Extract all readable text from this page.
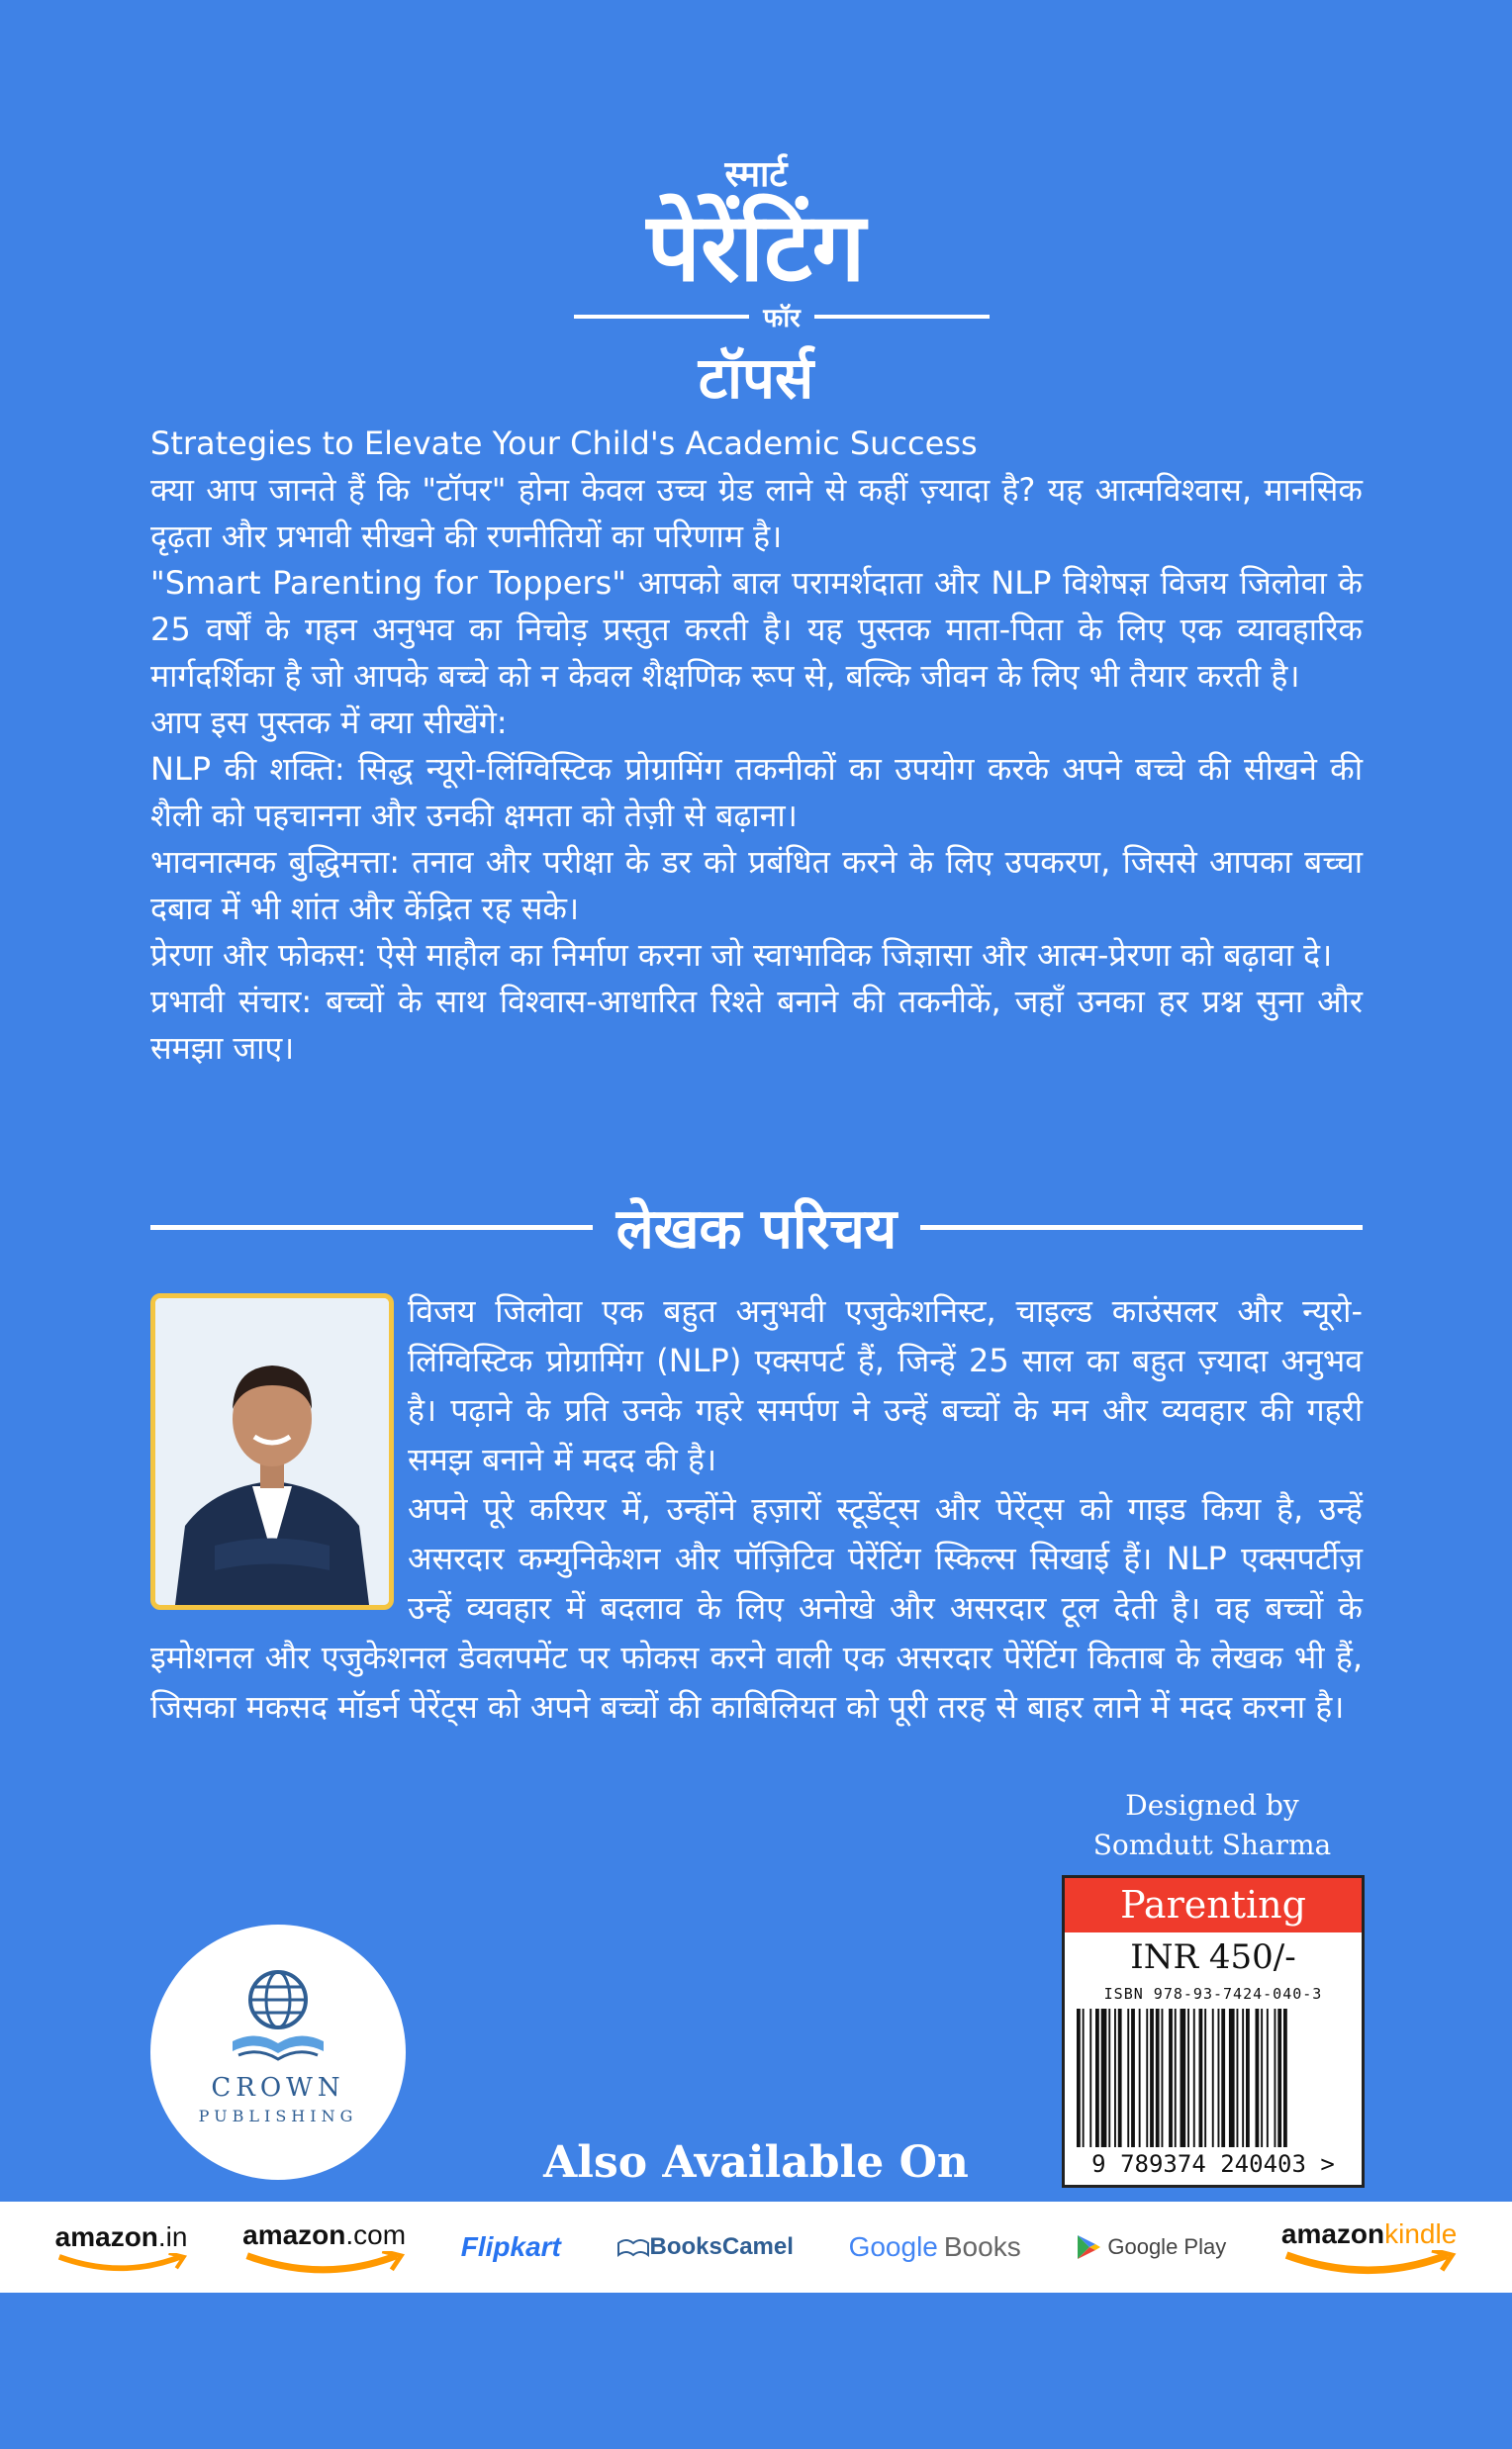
स्मार्ट
पेरेंटिंग
फॉर
टॉपर्स

Strategies to Elevate Your Child's Academic Success

क्या आप जानते हैं कि "टॉपर" होना केवल उच्च ग्रेड लाने से कहीं ज़्यादा है? यह आत्मविश्वास, मानसिक दृढ़ता और प्रभावी सीखने की रणनीतियों का परिणाम है।

"Smart Parenting for Toppers" आपको बाल परामर्शदाता और NLP विशेषज्ञ विजय जिलोवा के 25 वर्षों के गहन अनुभव का निचोड़ प्रस्तुत करती है। यह पुस्तक माता-पिता के लिए एक व्यावहारिक मार्गदर्शिका है जो आपके बच्चे को न केवल शैक्षणिक रूप से, बल्कि जीवन के लिए भी तैयार करती है।

आप इस पुस्तक में क्या सीखेंगे:

NLP की शक्ति: सिद्ध न्यूरो-लिंग्विस्टिक प्रोग्रामिंग तकनीकों का उपयोग करके अपने बच्चे की सीखने की शैली को पहचानना और उनकी क्षमता को तेज़ी से बढ़ाना।

भावनात्मक बुद्धिमत्ता: तनाव और परीक्षा के डर को प्रबंधित करने के लिए उपकरण, जिससे आपका बच्चा दबाव में भी शांत और केंद्रित रह सके।

प्रेरणा और फोकस: ऐसे माहौल का निर्माण करना जो स्वाभाविक जिज्ञासा और आत्म-प्रेरणा को बढ़ावा दे।

प्रभावी संचार: बच्चों के साथ विश्वास-आधारित रिश्ते बनाने की तकनीकें, जहाँ उनका हर प्रश्न सुना और समझा जाए।

लेखक परिचय

विजय जिलोवा एक बहुत अनुभवी एजुकेशनिस्ट, चाइल्ड काउंसलर और न्यूरो-लिंग्विस्टिक प्रोग्रामिंग (NLP) एक्सपर्ट हैं, जिन्हें 25 साल का बहुत ज़्यादा अनुभव है। पढ़ाने के प्रति उनके गहरे समर्पण ने उन्हें बच्चों के मन और व्यवहार की गहरी समझ बनाने में मदद की है।

अपने पूरे करियर में, उन्होंने हज़ारों स्टूडेंट्स और पेरेंट्स को गाइड किया है, उन्हें असरदार कम्युनिकेशन और पॉज़िटिव पेरेंटिंग स्किल्स सिखाई हैं। NLP एक्सपर्टीज़ उन्हें व्यवहार में बदलाव के लिए अनोखे और असरदार टूल देती है। वह बच्चों के इमोशनल और एजुकेशनल डेवलपमेंट पर फोकस करने वाली एक असरदार पेरेंटिंग किताब के लेखक भी हैं, जिसका मकसद मॉडर्न पेरेंट्स को अपने बच्चों की काबिलियत को पूरी तरह से बाहर लाने में मदद करना है।

Designed by
Somdutt Sharma
CROWN
PUBLISHING
Parenting
INR 450/-
ISBN 978-93-7424-040-3
9 789374 240403 >
Also Available On
amazon .in amazon .com Flipkart	BooksCamel Google Books	Google Play amazon kindle
